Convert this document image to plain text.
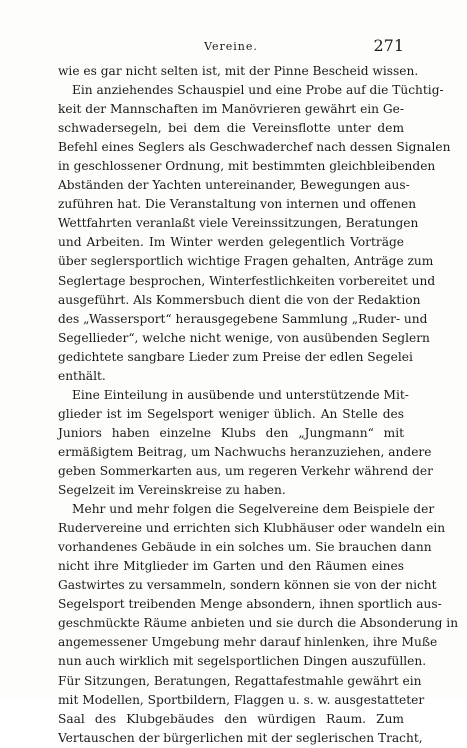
Vereine.	271
wie es gar nicht selten ist, mit der Pinne Bescheid wissen.
Ein anziehendes Schauspiel und eine Probe auf die Tüchtig-
keit der Mannschaften im Manövrieren gewährt ein Ge-
schwadersegeln, bei dem die Vereinsflotte unter dem
Befehl eines Seglers als Geschwaderchef nach dessen Signalen
in geschlossener Ordnung, mit bestimmten gleichbleibenden
Abständen der Yachten untereinander, Bewegungen aus-
zuführen hat. Die Veranstaltung von internen und offenen
Wettfahrten veranlaßt viele Vereinssitzungen, Beratungen
und Arbeiten. Im Winter werden gelegentlich Vorträge
über seglersportlich wichtige Fragen gehalten, Anträge zum
Seglertage besprochen, Winterfestlichkeiten vorbereitet und
ausgeführt. Als Kommersbuch dient die von der Redaktion
des „Wassersport“ herausgegebene Sammlung „Ruder- und
Segellieder“, welche nicht wenige, von ausübenden Seglern
gedichtete sangbare Lieder zum Preise der edlen Segelei
enthält.
Eine Einteilung in ausübende und unterstützende Mit-
glieder ist im Segelsport weniger üblich. An Stelle des
Juniors haben einzelne Klubs den „Jungmann“ mit
ermäßigtem Beitrag, um Nachwuchs heranzuziehen, andere
geben Sommerkarten aus, um regeren Verkehr während der
Segelzeit im Vereinskreise zu haben.
Mehr und mehr folgen die Segelvereine dem Beispiele der
Rudervereine und errichten sich Klubhäuser oder wandeln ein
vorhandenes Gebäude in ein solches um. Sie brauchen dann
nicht ihre Mitglieder im Garten und den Räumen eines
Gastwirtes zu versammeln, sondern können sie von der nicht
Segelsport treibenden Menge absondern, ihnen sportlich aus-
geschmückte Räume anbieten und sie durch die Absonderung in
angemessener Umgebung mehr darauf hinlenken, ihre Muße
nun auch wirklich mit segelsportlichen Dingen auszufüllen.
Für Sitzungen, Beratungen, Regattafestmahle gewährt ein
mit Modellen, Sportbildern, Flaggen u. s. w. ausgestatteter
Saal des Klubgebäudes den würdigen Raum. Zum
Vertauschen der bürgerlichen mit der seglerischen Tracht,
